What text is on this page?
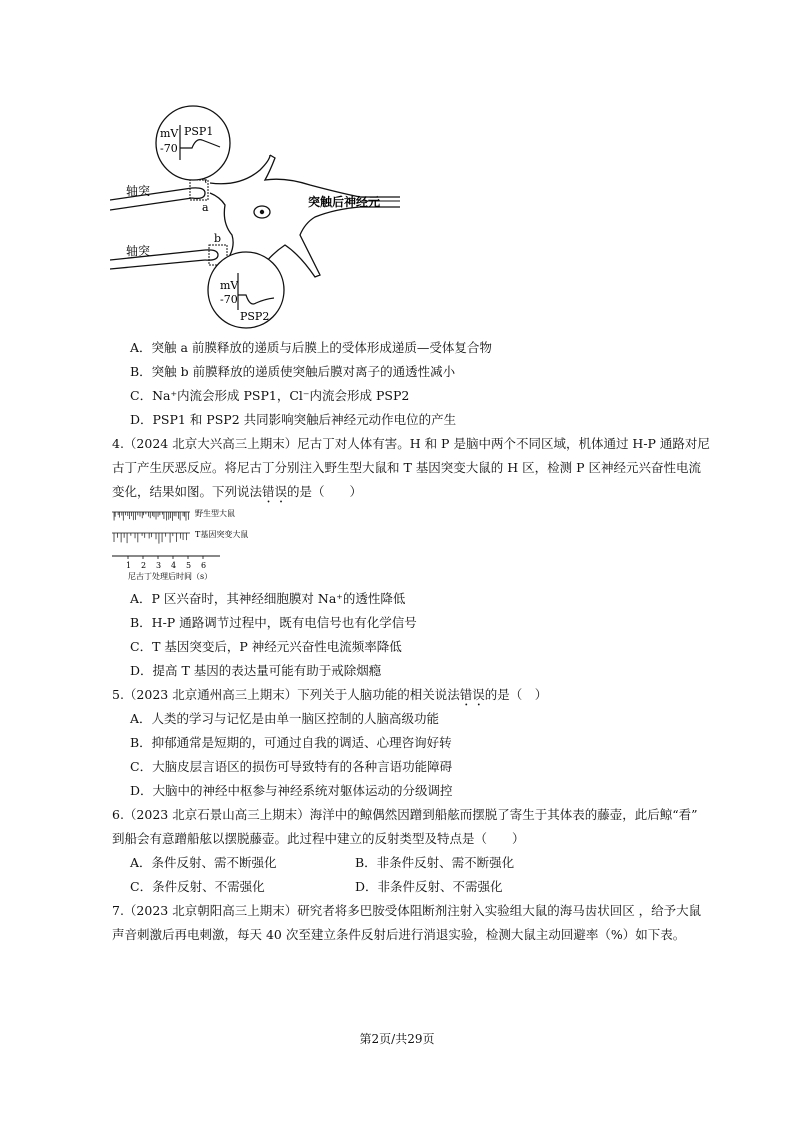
a
b
mV PSP1
-70
mV
-70
PSP2
轴突
轴突
突触后神经元
A．突触 a 前膜释放的递质与后膜上的受体形成递质—受体复合物
B．突触 b 前膜释放的递质使突触后膜对离子的通透性减小
C．Na⁺内流会形成 PSP1，Cl⁻内流会形成 PSP2
D．PSP1 和 PSP2 共同影响突触后神经元动作电位的产生
4.（2024 北京大兴高三上期末）尼古丁对人体有害。H 和 P 是脑中两个不同区域，机体通过 H-P 通路对尼
古丁产生厌恶反应。将尼古丁分别注入野生型大鼠和 T 基因突变大鼠的 H 区，检测 P 区神经元兴奋性电流
变化，结果如图。下列说法错误的是（　　）
1 2 3 4 5 6
野生型大鼠
T基因突变大鼠
尼古丁处理后时间（s）
A．P 区兴奋时，其神经细胞膜对 Na⁺的透性降低
B．H-P 通路调节过程中，既有电信号也有化学信号
C．T 基因突变后，P 神经元兴奋性电流频率降低
D．提高 T 基因的表达量可能有助于戒除烟瘾
5.（2023 北京通州高三上期末）下列关于人脑功能的相关说法错误的是（　）
A．人类的学习与记忆是由单一脑区控制的人脑高级功能
B．抑郁通常是短期的，可通过自我的调适、心理咨询好转
C．大脑皮层言语区的损伤可导致特有的各种言语功能障碍
D．大脑中的神经中枢参与神经系统对躯体运动的分级调控
6.（2023 北京石景山高三上期末）海洋中的鲸偶然因蹭到船舷而摆脱了寄生于其体表的藤壶，此后鲸“看”
到船会有意蹭船舷以摆脱藤壶。此过程中建立的反射类型及特点是（　　）
A．条件反射、需不断强化	B．非条件反射、需不断强化
C．条件反射、不需强化	D．非条件反射、不需强化
7.（2023 北京朝阳高三上期末）研究者将多巴胺受体阻断剂注射入实验组大鼠的海马齿状回区 ，给予大鼠
声音刺激后再电刺激，每天 40 次至建立条件反射后进行消退实验，检测大鼠主动回避率（%）如下表。
第2页/共29页
